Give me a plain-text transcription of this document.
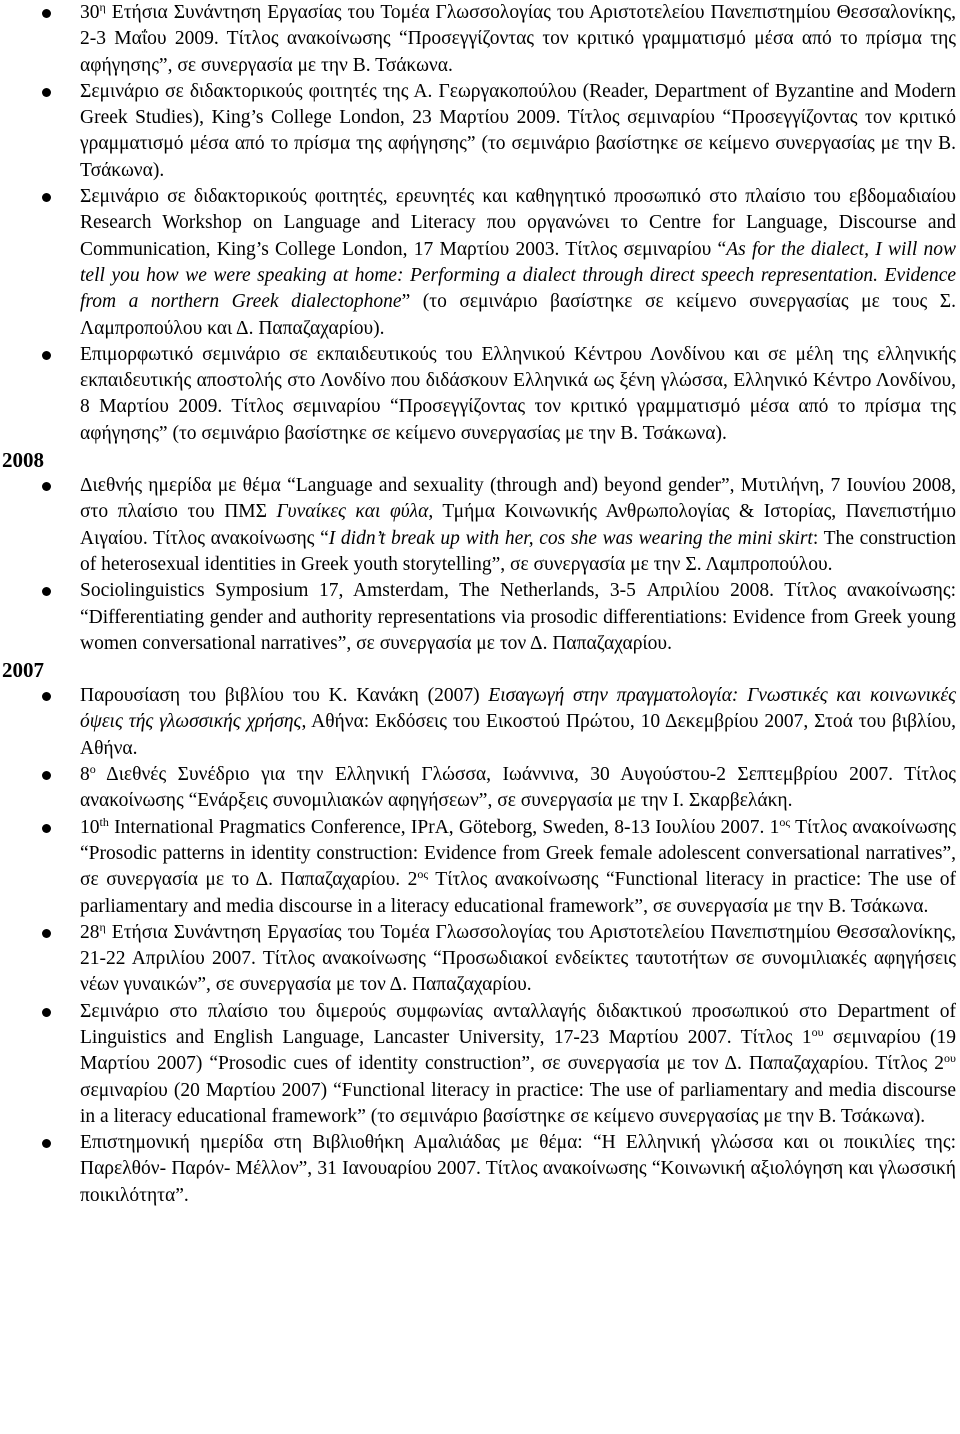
$30^\eta$ Ετήσια Συνάντηση Εργασίας του Τομέα Γλωσσολογίας του Αριστοτελείου Πανεπιστημίου Θεσσαλονίκης, 2-3 Μαΐου 2009. Τίτλος ανακοίνωσης “Προσεγγίζοντας τον κριτικό γραμματισμό μέσα από το πρίσμα της αφήγησης”, σε συνεργασία με την Β. Τσάκωνα.
Σεμινάριο σε διδακτορικούς φοιτητές της Α. Γεωργακοπούλου (Reader, Department of Byzantine and Modern Greek Studies), King’s College London, 23 Μαρτίου 2009. Τίτλος σεμιναρίου “Προσεγγίζοντας τον κριτικό γραμματισμό μέσα από το πρίσμα της αφήγησης” (το σεμινάριο βασίστηκε σε κείμενο συνεργασίας με την Β. Τσάκωνα).
Σεμινάριο σε διδακτορικούς φοιτητές, ερευνητές και καθηγητικό προσωπικό στο πλαίσιο του εβδομαδιαίου Research Workshop on Language and Literacy που οργανώνει το Centre for Language, Discourse and Communication, King’s College London, 17 Μαρτίου 2003. Τίτλος σεμιναρίου “As for the dialect, I will now tell you how we were speaking at home: Performing a dialect through direct speech representation. Evidence from a northern Greek dialectophone” (το σεμινάριο βασίστηκε σε κείμενο συνεργασίας με τους Σ. Λαμπροπούλου και Δ. Παπαζαχαρίου).
Επιμορφωτικό σεμινάριο σε εκπαιδευτικούς του Ελληνικού Κέντρου Λονδίνου και σε μέλη της ελληνικής εκπαιδευτικής αποστολής στο Λονδίνο που διδάσκουν Ελληνικά ως ξένη γλώσσα, Ελληνικό Κέντρο Λονδίνου, 8 Μαρτίου 2009. Τίτλος σεμιναρίου “Προσεγγίζοντας τον κριτικό γραμματισμό μέσα από το πρίσμα της αφήγησης” (το σεμινάριο βασίστηκε σε κείμενο συνεργασίας με την Β. Τσάκωνα).
2008
Διεθνής ημερίδα με θέμα “Language and sexuality (through and) beyond gender”, Μυτιλήνη, 7 Ιουνίου 2008, στο πλαίσιο του ΠΜΣ Γυναίκες και φύλα, Τμήμα Κοινωνικής Ανθρωπολογίας & Ιστορίας, Πανεπιστήμιο Αιγαίου. Τίτλος ανακοίνωσης “I didn’t break up with her, cos she was wearing the mini skirt: The construction of heterosexual identities in Greek youth storytelling”, σε συνεργασία με την Σ. Λαμπροπούλου.
Sociolinguistics Symposium 17, Amsterdam, The Netherlands, 3-5 Απριλίου 2008. Τίτλος ανακοίνωσης: “Differentiating gender and authority representations via prosodic differentiations: Evidence from Greek young women conversational narratives”, σε συνεργασία με τον Δ. Παπαζαχαρίου.
2007
Παρουσίαση του βιβλίου του Κ. Κανάκη (2007) Εισαγωγή στην πραγματολογία: Γνωστικές και κοινωνικές όψεις τής γλωσσικής χρήσης, Αθήνα: Εκδόσεις του Εικοστού Πρώτου, 10 Δεκεμβρίου 2007, Στοά του βιβλίου, Αθήνα.
$8^o$ Διεθνές Συνέδριο για την Ελληνική Γλώσσα, Ιωάννινα, 30 Αυγούστου-2 Σεπτεμβρίου 2007. Τίτλος ανακοίνωσης “Ενάρξεις συνομιλιακών αφηγήσεων”, σε συνεργασία με την Ι. Σκαρβελάκη.
10th International Pragmatics Conference, IPrA, Göteborg, Sweden, 8-13 Ιουλίου 2007. $1^{o\varsigma}$ Τίτλος ανακοίνωσης “Prosodic patterns in identity construction: Evidence from Greek female adolescent conversational narratives”, σε συνεργασία με το Δ. Παπαζαχαρίου. $2^{o\varsigma}$ Τίτλος ανακοίνωσης “Functional literacy in practice: The use of parliamentary and media discourse in a literacy educational framework”, σε συνεργασία με την Β. Τσάκωνα.
$28^\eta$ Ετήσια Συνάντηση Εργασίας του Τομέα Γλωσσολογίας του Αριστοτελείου Πανεπιστημίου Θεσσαλονίκης, 21-22 Απριλίου 2007. Τίτλος ανακοίνωσης “Προσωδιακοί ενδείκτες ταυτοτήτων σε συνομιλιακές αφηγήσεις νέων γυναικών”, σε συνεργασία με τον Δ. Παπαζαχαρίου.
Σεμινάριο στο πλαίσιο του διμερούς συμφωνίας ανταλλαγής διδακτικού προσωπικού στο Department of Linguistics and English Language, Lancaster University, 17-23 Μαρτίου 2007. Τίτλος $1^{o\upsilon}$ σεμιναρίου (19 Μαρτίου 2007) “Prosodic cues of identity construction”, σε συνεργασία με τον Δ. Παπαζαχαρίου. Τίτλος $2^{o\upsilon}$ σεμιναρίου (20 Μαρτίου 2007) “Functional literacy in practice: The use of parliamentary and media discourse in a literacy educational framework” (το σεμινάριο βασίστηκε σε κείμενο συνεργασίας με την Β. Τσάκωνα).
Επιστημονική ημερίδα στη Βιβλιοθήκη Αμαλιάδας με θέμα: “Η Ελληνική γλώσσα και οι ποικιλίες της: Παρελθόν- Παρόν- Μέλλον”, 31 Ιανουαρίου 2007. Τίτλος ανακοίνωσης “Κοινωνική αξιολόγηση και γλωσσική ποικιλότητα”.
